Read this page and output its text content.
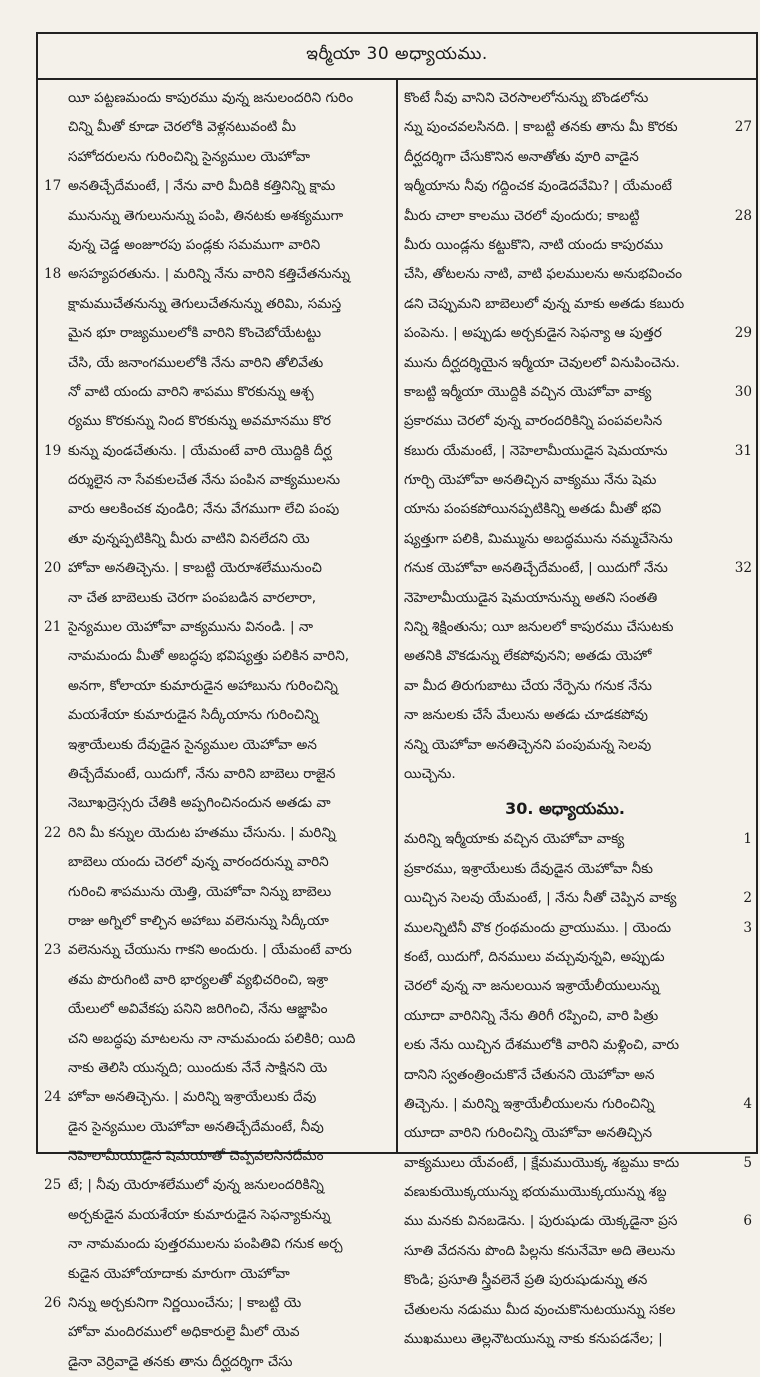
ఇర్మీయా 30 అధ్యాయము.
యీ పట్టణమందు కాపురము వున్న జనులందరిని గురిం
చిన్ని మీతో కూడా చెరలోకి వెళ్లనటువంటి మీ
సహోదరులను గురించిన్ని సైన్యముల యెహోవా
అనతిచ్చేదేమంటే, | నేను వారి మీదికి కత్తినిన్ని క్షామ
17
మునున్ను తెగులునున్ను పంపి, తినటకు అశక్యముగా
వున్న చెడ్డ అంజూరపు పండ్లకు సమముగా వారిని
అసహ్యపరతును. | మరిన్ని నేను వారిని కత్తిచేతనున్ను
18
క్షామముచేతనున్ను తెగులుచేతనున్ను తరిమి, సమస్త
మైన భూ రాజ్యములలోకి వారిని కొంచెబోయేటట్టు
చేసి, యే జనాంగములలోకి నేను వారిని తోలివేతు
నో వాటి యందు వారిని శాపము కొరకున్ను ఆశ్చ
ర్యము కొరకున్ను నింద కొరకున్ను అవమానము కొర
కున్ను వుండచేతును. | యేమంటే వారి యొద్దికి దీర్ఘ
19
దర్శులైన నా సేవకులచేత నేను పంపిన వాక్యములను
వారు ఆలకించక వుండిరి; నేను వేగముగా లేచి పంపు
తూ వున్నప్పటికిన్ని మీరు వాటిని వినలేదని యె
హోవా అనతిచ్చెను. | కాబట్టి యెరూశలేమునుంచి
20
నా చేత బాబెలుకు చెరగా పంపబడిన వారలారా,
సైన్యముల యెహోవా వాక్యమును వినండి. | నా
21
నామమందు మీతో అబద్ధపు భవిష్యత్తు పలికిన వారిని,
అనగా, కోలాయా కుమారుడైన అహాబును గురించిన్ని
మయశేయా కుమారుడైన సిద్కీయాను గురించిన్ని
ఇశ్రాయేలుకు దేవుడైన సైన్యముల యెహోవా అన
తిచ్చేదేమంటే, యిదుగో, నేను వారిని బాబెలు రాజైన
నెబూఖద్రెస్సరు చేతికి అప్పగించినందున అతడు వా
రిని మీ కన్నుల యెదుట హతము చేసును. | మరిన్ని
22
బాబెలు యందు చెరలో వున్న వారందరున్ను వారిని
గురించి శాపమును యెత్తి, యెహోవా నిన్ను బాబెలు
రాజు అగ్నిలో కాల్చిన అహాబు వలెనున్ను సిద్కీయా
వలెనున్ను చేయును గాకని అందురు. | యేమంటే వారు
23
తమ పొరుగింటి వారి భార్యలతో వ్యభిచరించి, ఇశ్రా
యేలులో అవివేకపు పనిని జరిగించి, నేను ఆజ్ఞాపిం
చని అబద్ధపు మాటలను నా నామమందు పలికిరి; యిది
నాకు తెలిసి యున్నది; యిందుకు నేనే సాక్షినని యె
హోవా అనతిచ్చెను. | మరిన్ని ఇశ్రాయేలుకు దేవు
24
డైన సైన్యముల యెహోవా అనతిచ్చేదేమంటే, నీవు
నెహెలామీయుడైన షెమయాతో చెప్పవలసినదేమం
టే; | నీవు యెరూశలేములో వున్న జనులందరికిన్ని
25
అర్చకుడైన మయశేయా కుమారుడైన సెఫన్యాకున్ను
నా నామమందు పుత్తరములను పంపితివి గనుక అర్చ
కుడైన యెహోయాదాకు మారుగా యెహోవా
నిన్ను అర్చకునిగా నిర్ణయించేను; | కాబట్టి యె
26
హోవా మందిరములో అధికారులై మీలో యెవ
డైనా వెర్రివాడై తనకు తాను దీర్ఘదర్శిగా చేసు
కొంటే నీవు వానిని చెరసాలలోనున్ను బొండలోను
న్ను పుంచవలసినది. | కాబట్టి తనకు తాను మీ కొరకు	27
దీర్ఘదర్శిగా చేసుకొనిన అనాతోతు వూరి వాడైన
ఇర్మీయాను నీవు గద్దించక వుండెదవేమి? | యేమంటే
మీరు చాలా కాలము చెరలో వుందురు; కాబట్టి	28
మీరు యిండ్లను కట్టుకొని, నాటి యందు కాపురము
చేసి, తోటలను నాటి, వాటి ఫలములను అనుభవించం
డని చెప్పుమని బాబెలులో వున్న మాకు అతడు కబురు
పంపెను. | అప్పుడు అర్చకుడైన సెఫన్యా ఆ పుత్తర	29
మును దీర్ఘదర్శియైన ఇర్మీయా చెవులలో వినుపించెను.
కాబట్టి ఇర్మీయా యొద్దికి వచ్చిన యెహోవా వాక్య	30
ప్రకారము చెరలో వున్న వారందరికిన్ని పంపవలసిన
కబురు యేమంటే, | నెహెలామీయుడైన షెమయాను	31
గూర్చి యెహోవా అనతిచ్చిన వాక్యము నేను షెమ
యాను పంపకపోయినప్పటికిన్ని అతడు మీతో భవి
ష్యత్తుగా పలికి, మిమ్మును అబద్ధమును నమ్మచేసెను
గనుక యెహోవా అనతిచ్చేదేమంటే, | యిదుగో నేను	32
నెహెలామీయుడైన షెమయానున్ను అతని సంతతి
నిన్ని శిక్షింతును; యీ జనులలో కాపురము చేసుటకు
అతనికి వొకడున్ను లేకపోవునని; అతడు యెహో
వా మీద తిరుగుబాటు చేయ నేర్పెను గనుక నేను
నా జనులకు చేసే మేలును అతడు చూడకపోవు
నన్ని యెహోవా అనతిచ్చెనని పంపుమన్న సెలవు
యిచ్చెను.
30. అధ్యాయము.
మరిన్ని ఇర్మీయాకు వచ్చిన యెహోవా వాక్య	1
ప్రకారము, ఇశ్రాయేలుకు దేవుడైన యెహోవా నీకు
యిచ్చిన సెలవు యేమంటే, | నేను నీతో చెప్పిన వాక్య	2
ములన్నిటినీ వొక గ్రంథమందు వ్రాయుము. | యెందు	3
కంటే, యిదుగో, దినములు వచ్చువున్నవి, అప్పుడు
చెరలో వున్న నా జనులయిన ఇశ్రాయేలీయులున్ను
యూదా వారినిన్ని నేను తిరిగీ రప్పించి, వారి పిత్రు
లకు నేను యిచ్చిన దేశములోకి వారిని మళ్లించి, వారు
దానిని స్వతంత్రించుకొనే చేతునని యెహోవా అన
తిచ్చెను. | మరిన్ని ఇశ్రాయేలీయులను గురించిన్ని	4
యూదా వారిని గురించిన్ని యెహోవా అనతిచ్చిన
వాక్యములు యేవంటే, | క్షేమముయొక్క శబ్దము కాదు	5
వణుకుయొక్కయున్ను భయముయొక్కయున్ను శబ్ద
ము మనకు వినబడెను. | పురుషుడు యెక్కడైనా ప్రస	6
సూతి వేదనను పొంది పిల్లను కనునేమో అది తెలును
కొండి; ప్రసూతి స్త్రీవలెనే ప్రతి పురుషుడున్ను తన
చేతులను నడుము మీద వుంచుకొనుటయున్ను సకల
ముఖములు తెల్లనౌటయున్ను నాకు కనుపడనేల; |
